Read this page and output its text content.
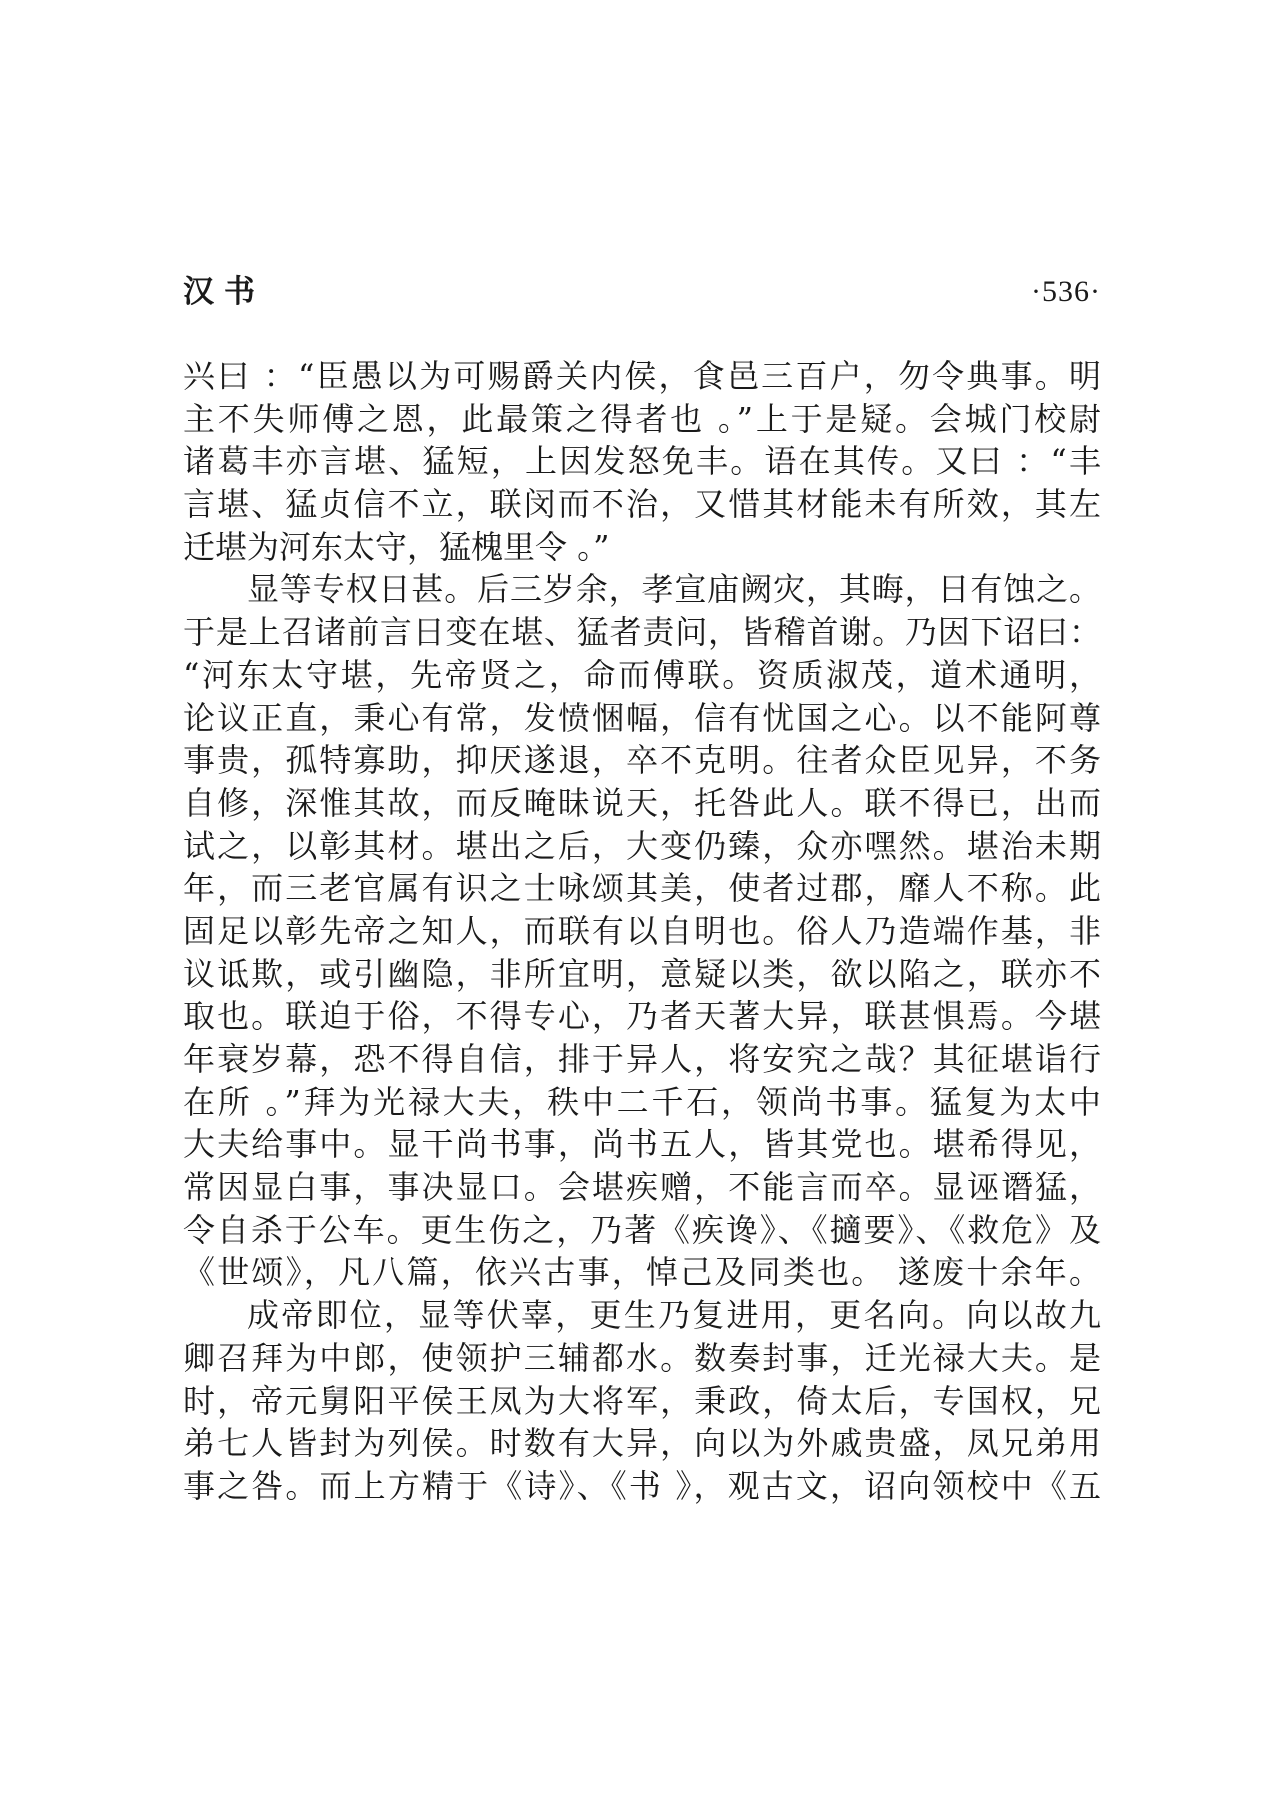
汉书	·536·
兴曰 ：“臣愚以为可赐爵关内侯，食邑三百户，勿令典事。明
主不失师傅之恩，此最策之得者也 。”上于是疑。会城门校尉
诸葛丰亦言堪、猛短，上因发怒免丰。语在其传。又曰 ：“丰
言堪、猛贞信不立，联闵而不治，又惜其材能未有所效，其左
迁堪为河东太守，猛槐里令 。”
显等专权日甚。后三岁余，孝宣庙阙灾，其晦，日有蚀之。
于是上召诸前言日变在堪、猛者责问，皆稽首谢。乃因下诏曰：
“河东太守堪，先帝贤之，命而傅联。资质淑茂，道术通明，
论议正直，秉心有常，发愤悃幅，信有忧国之心。以不能阿尊
事贵，孤特寡助，抑厌遂退，卒不克明。往者众臣见异，不务
自修，深惟其故，而反晻昧说天，托咎此人。联不得已，出而
试之，以彰其材。堪出之后，大变仍臻，众亦嘿然。堪治未期
年，而三老官属有识之士咏颂其美，使者过郡，靡人不称。此
固足以彰先帝之知人，而联有以自明也。俗人乃造端作基，非
议诋欺，或引幽隐，非所宜明，意疑以类，欲以陷之，联亦不
取也。联迫于俗，不得专心，乃者天著大异，联甚惧焉。今堪
年衰岁幕，恐不得自信，排于异人，将安究之哉？其征堪诣行
在所 。”拜为光禄大夫，秩中二千石，领尚书事。猛复为太中
大夫给事中。显干尚书事，尚书五人，皆其党也。堪希得见，
常因显白事，事决显口。会堪疾赠，不能言而卒。显诬谮猛，
令自杀于公车。更生伤之，乃著《疾谗》、《擿要》、《救危》及
《世颂》，凡八篇，依兴古事，悼己及同类也。 遂废十余年。
成帝即位，显等伏辜，更生乃复进用，更名向。向以故九
卿召拜为中郎，使领护三辅都水。数奏封事，迁光禄大夫。是
时，帝元舅阳平侯王凤为大将军，秉政，倚太后，专国权，兄
弟七人皆封为列侯。时数有大异，向以为外戚贵盛，凤兄弟用
事之咎。而上方精于《诗》、《书 》，观古文，诏向领校中《五
